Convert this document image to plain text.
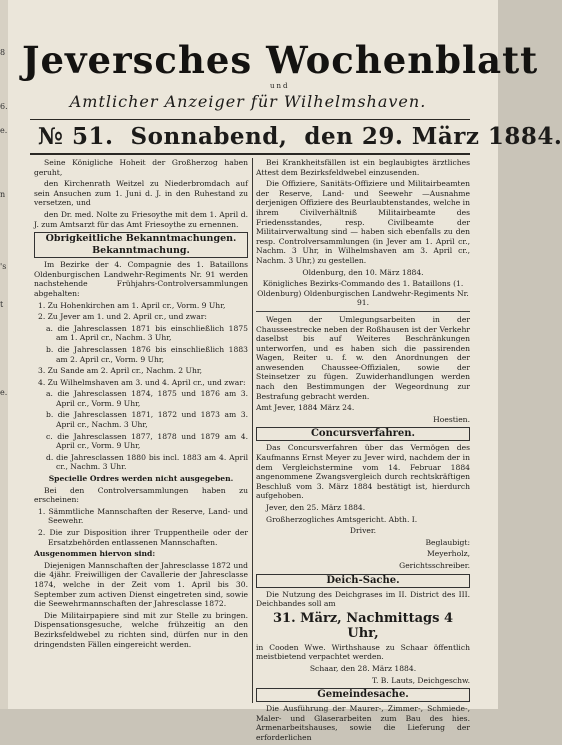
8
6.
e.
n
's
t
e.
Jeversches Wochenblatt
und
Amtlicher Anzeiger für Wilhelmshaven.
№ 51. Sonnabend, den 29. März 1884.

Seine Königliche Hoheit der Großherzog haben geruht,

den Kirchenrath Weitzel zu Niederbromdach auf sein Ansuchen zum 1. Juni d. J. in den Ruhestand zu versetzen, und

den Dr. med. Nolte zu Friesoythe mit dem 1. April d. J. zum Amtsarzt für das Amt Friesoythe zu ernennen.

Obrigkeitliche Bekanntmachungen.
Bekanntmachung.

Im Bezirke der 4. Compagnie des 1. Bataillons Oldenburgischen Landwehr-Regiments Nr. 91 werden nachstehende Frühjahrs-Controlversammlungen abgehalten:

1. Zu Hohenkirchen am 1. April cr., Vorm. 9 Uhr,

2. Zu Jever am 1. und 2. April cr., und zwar:

a. die Jahresclassen 1871 bis einschließlich 1875 am 1. April cr., Nachm. 3 Uhr,

b. die Jahresclassen 1876 bis einschließlich 1883 am 2. April cr., Vorm. 9 Uhr,

3. Zu Sande am 2. April cr., Nachm. 2 Uhr,

4. Zu Wilhelmshaven am 3. und 4. April cr., und zwar:

a. die Jahresclassen 1874, 1875 und 1876 am 3. April cr., Vorm. 9 Uhr,

b. die Jahresclassen 1871, 1872 und 1873 am 3. April cr., Nachm. 3 Uhr,

c. die Jahresclassen 1877, 1878 und 1879 am 4. April cr., Vorm. 9 Uhr,

d. die Jahresclassen 1880 bis incl. 1883 am 4. April cr., Nachm. 3 Uhr.

Specielle Ordres werden nicht ausgegeben.

Bei den Controlversammlungen haben zu erscheinen:

1. Sämmtliche Mannschaften der Reserve, Land- und Seewehr.

2. Die zur Disposition ihrer Truppentheile oder der Ersatzbehörden entlassenen Mannschaften.

Ausgenommen hiervon sind:

Diejenigen Mannschaften der Jahresclasse 1872 und die 4jähr. Freiwilligen der Cavallerie der Jahresclasse 1874, welche in der Zeit vom 1. April bis 30. September zum activen Dienst eingetreten sind, sowie die Seewehrmannschaften der Jahresclasse 1872.

Die Militairpapiere sind mit zur Stelle zu bringen. Dispensationsgesuche, welche frühzeitig an den Bezirksfeldwebel zu richten sind, dürfen nur in den dringendsten Fällen eingereicht werden.

Bei Krankheitsfällen ist ein beglaubigtes ärztliches Attest dem Bezirksfeldwebel einzusenden.

Die Offiziere, Sanitäts-Offiziere und Militairbeamten der Reserve, Land- und Seewehr —Ausnahme derjenigen Offiziere des Beurlaubtenstandes, welche in ihrem Civilverhältniß Militairbeamte des Friedensstandes, resp. Civilbeamte der Militairverwaltung sind — haben sich ebenfalls zu den resp. Controlversammlungen (in Jever am 1. April cr., Nachm. 3 Uhr, in Wilhelmshaven am 3. April cr., Nachm. 3 Uhr,) zu gestellen.

Oldenburg, den 10. März 1884.

Königliches Bezirks-Commando des 1. Bataillons (1. Oldenburg) Oldenburgischen Landwehr-Regiments Nr. 91.

Wegen der Umlegungsarbeiten in der Chausseestrecke neben der Roßhausen ist der Verkehr daselbst bis auf Weiteres Beschränkungen unterworfen, und es haben sich die passirenden Wagen, Reiter u. f. w. den Anordnungen der anwesenden Chaussee-Offizialen, sowie der Steinsetzer zu fügen. Zuwiderhandlungen werden nach den Bestimmungen der Wegeordnung zur Bestrafung gebracht werden.

Amt Jever, 1884 März 24.

Hoestien.

Concursverfahren.

Das Concursverfahren über das Vermögen des Kaufmanns Ernst Meyer zu Jever wird, nachdem der in dem Vergleichstermine vom 14. Februar 1884 angenommene Zwangsvergleich durch rechtskräftigen Beschluß vom 3. März 1884 bestätigt ist, hierdurch aufgehoben.

Jever, den 25. März 1884.

Großherzogliches Amtsgericht. Abth. I.

Driver.

Beglaubigt:

Meyerholz,

Gerichtsschreiber.

Deich-Sache.

Die Nutzung des Deichgrases im II. District des III. Deichbandes soll am

31. März, Nachmittags 4 Uhr,

in Cooden Wwe. Wirthshause zu Schaar öffentlich meistbietend verpachtet werden.

Schaar, den 28. März 1884.

T. B. Lauts, Deichgeschw.

Gemeindesache.

Die Ausführung der Maurer-, Zimmer-, Schmiede-, Maler- und Glaserarbeiten zum Bau des hies. Armenarbeitshauses, sowie die Lieferung der erforderlichen
